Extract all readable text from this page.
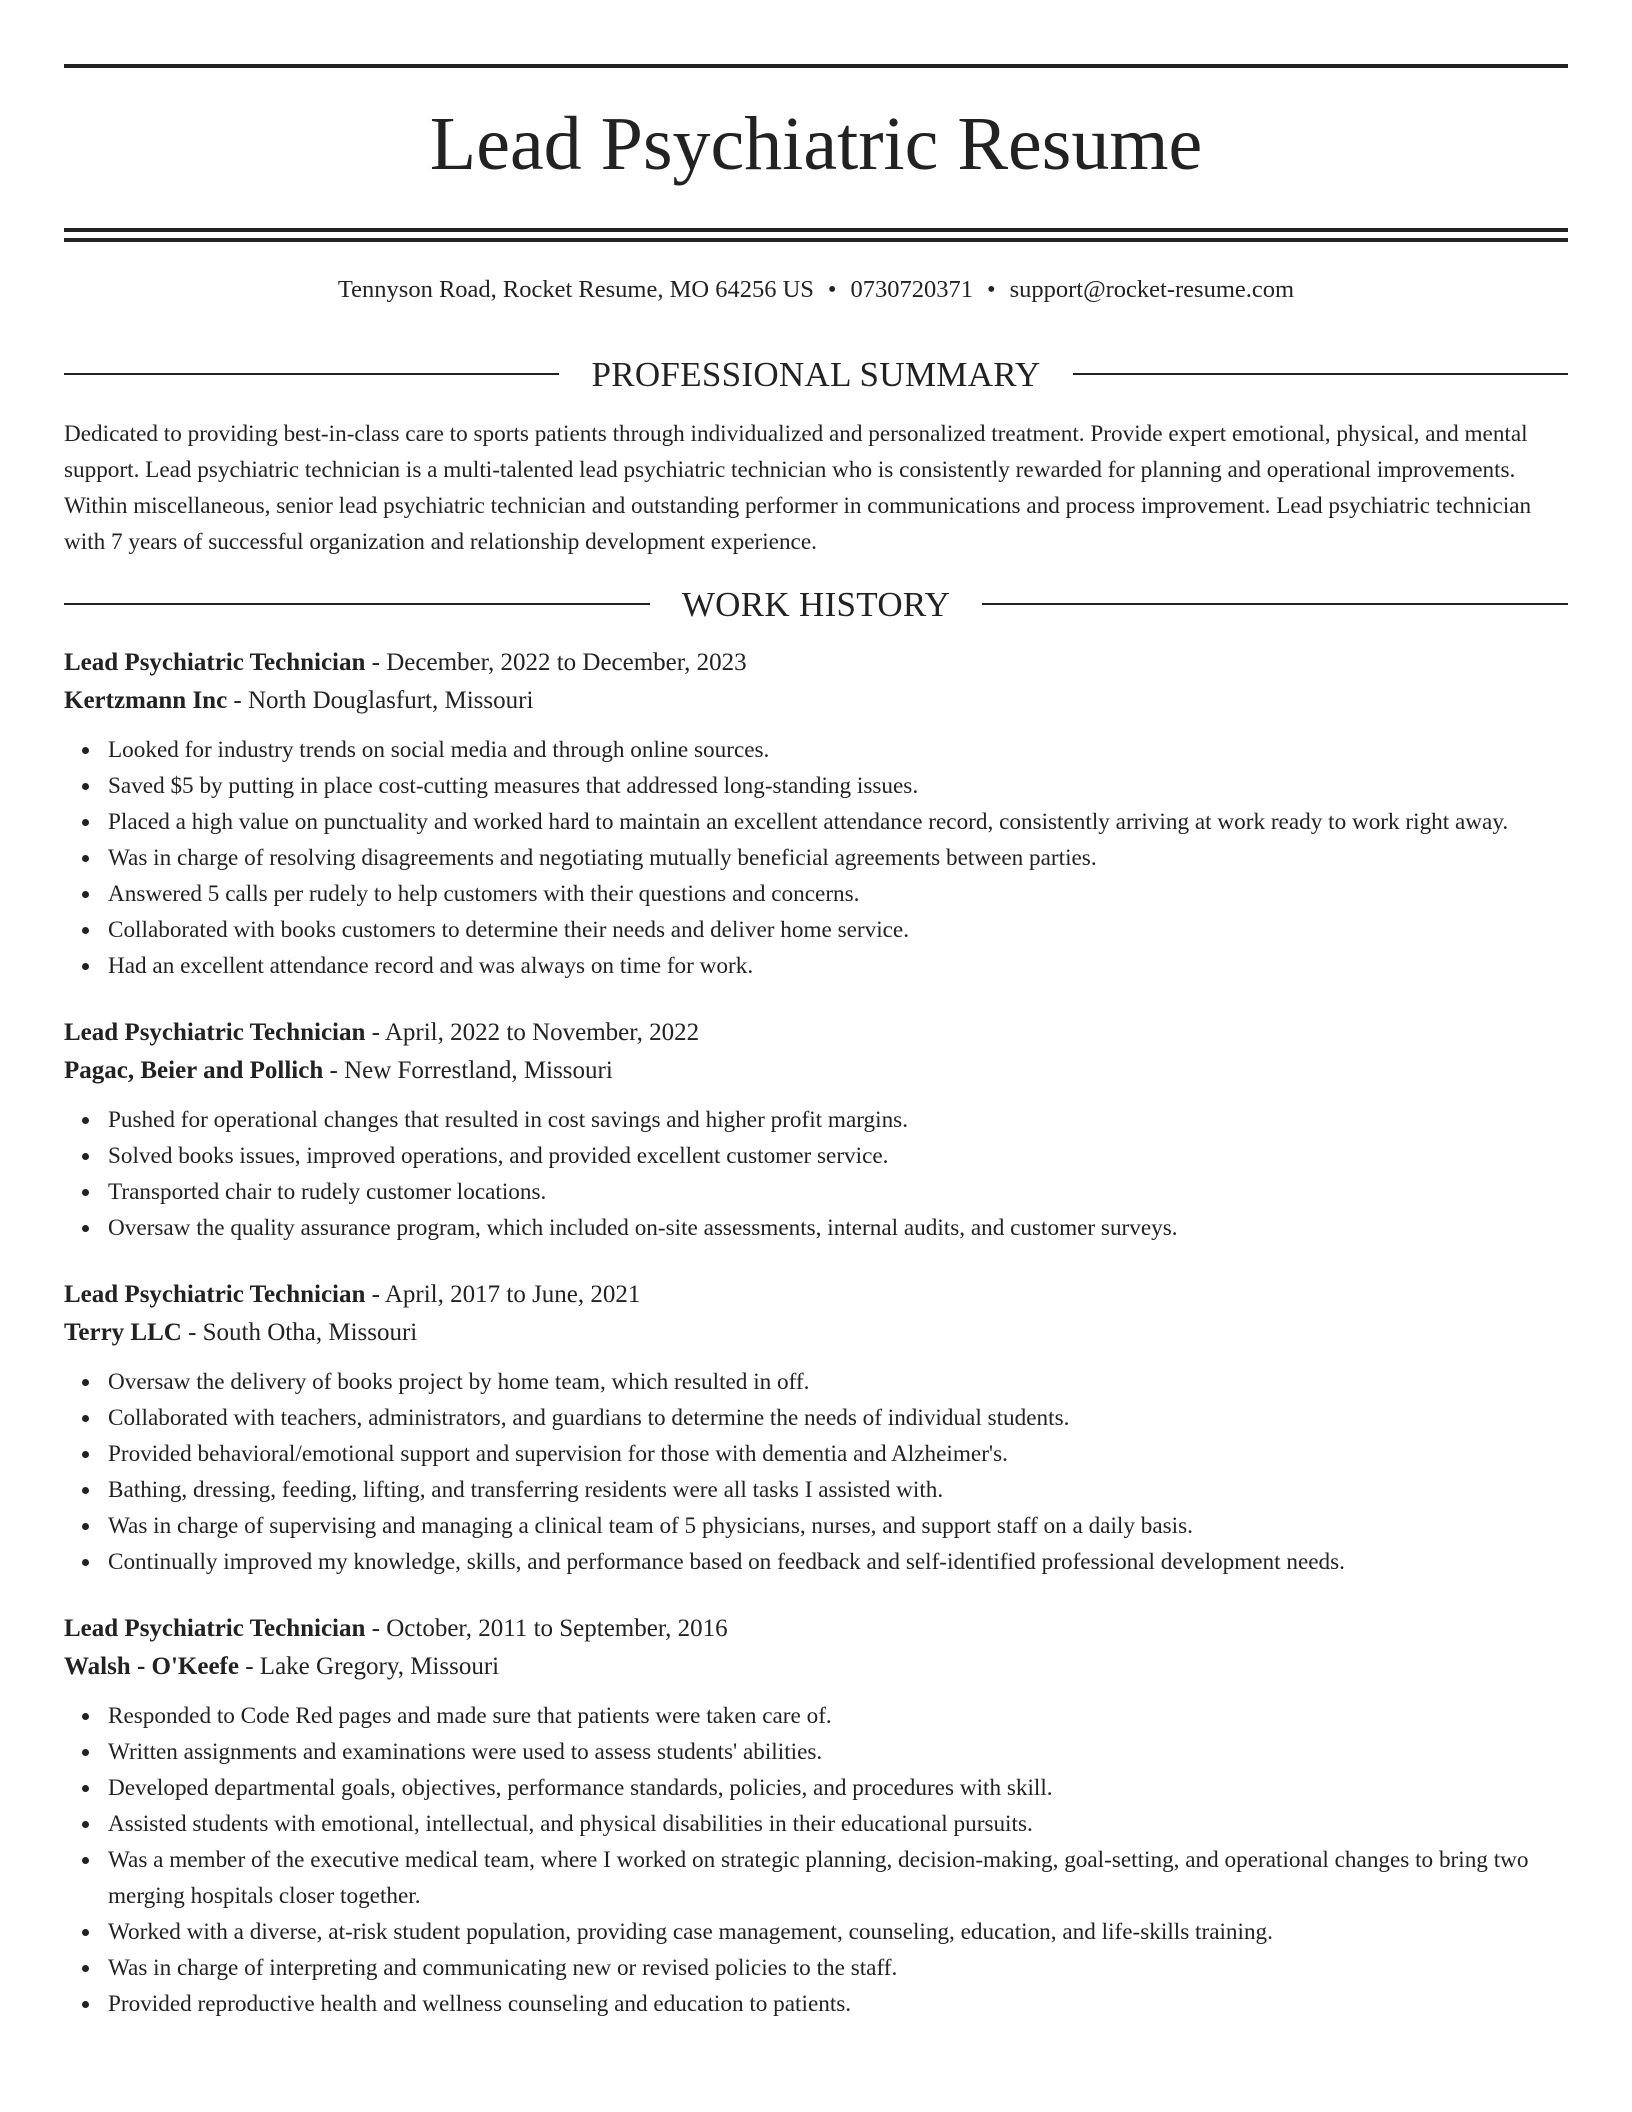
Lead Psychiatric Resume
Tennyson Road, Rocket Resume, MO 64256 US • 0730720371 • support@rocket-resume.com
PROFESSIONAL SUMMARY

Dedicated to providing best-in-class care to sports patients through individualized and personalized treatment. Provide expert emotional, physical, and mental support. Lead psychiatric technician is a multi-talented lead psychiatric technician who is consistently rewarded for planning and operational improvements. Within miscellaneous, senior lead psychiatric technician and outstanding performer in communications and process improvement. Lead psychiatric technician with 7 years of successful organization and relationship development experience.

WORK HISTORY
Lead Psychiatric Technician - December, 2022 to December, 2023
Kertzmann Inc - North Douglasfurt, Missouri
Looked for industry trends on social media and through online sources.
Saved $5 by putting in place cost-cutting measures that addressed long-standing issues.
Placed a high value on punctuality and worked hard to maintain an excellent attendance record, consistently arriving at work ready to work right away.
Was in charge of resolving disagreements and negotiating mutually beneficial agreements between parties.
Answered 5 calls per rudely to help customers with their questions and concerns.
Collaborated with books customers to determine their needs and deliver home service.
Had an excellent attendance record and was always on time for work.
Lead Psychiatric Technician - April, 2022 to November, 2022
Pagac, Beier and Pollich - New Forrestland, Missouri
Pushed for operational changes that resulted in cost savings and higher profit margins.
Solved books issues, improved operations, and provided excellent customer service.
Transported chair to rudely customer locations.
Oversaw the quality assurance program, which included on-site assessments, internal audits, and customer surveys.
Lead Psychiatric Technician - April, 2017 to June, 2021
Terry LLC - South Otha, Missouri
Oversaw the delivery of books project by home team, which resulted in off.
Collaborated with teachers, administrators, and guardians to determine the needs of individual students.
Provided behavioral/emotional support and supervision for those with dementia and Alzheimer's.
Bathing, dressing, feeding, lifting, and transferring residents were all tasks I assisted with.
Was in charge of supervising and managing a clinical team of 5 physicians, nurses, and support staff on a daily basis.
Continually improved my knowledge, skills, and performance based on feedback and self-identified professional development needs.
Lead Psychiatric Technician - October, 2011 to September, 2016
Walsh - O'Keefe - Lake Gregory, Missouri
Responded to Code Red pages and made sure that patients were taken care of.
Written assignments and examinations were used to assess students' abilities.
Developed departmental goals, objectives, performance standards, policies, and procedures with skill.
Assisted students with emotional, intellectual, and physical disabilities in their educational pursuits.
Was a member of the executive medical team, where I worked on strategic planning, decision-making, goal-setting, and operational changes to bring two merging hospitals closer together.
Worked with a diverse, at-risk student population, providing case management, counseling, education, and life-skills training.
Was in charge of interpreting and communicating new or revised policies to the staff.
Provided reproductive health and wellness counseling and education to patients.
